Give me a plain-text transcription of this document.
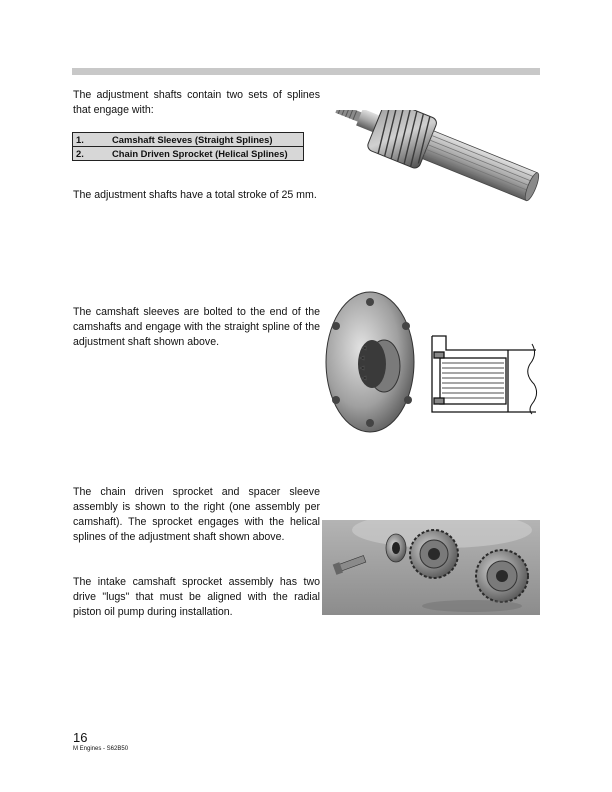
The adjustment shafts contain two sets of splines that engage with:

1.	Camshaft Sleeves (Straight Splines)
2.	Chain Driven Sprocket (Helical Splines)

The adjustment shafts have a total stroke of 25 mm.

The camshaft sleeves are bolted to the end of the camshafts and engage with the straight spline of the adjustment shaft shown above.

The chain driven sprocket and spacer sleeve assembly is shown to the right (one assembly per camshaft). The sprocket engages with the helical splines of the adjustment shaft shown above.

The intake camshaft sprocket assembly has two drive "lugs" that must be aligned with the radial piston oil pump during installation.

16
M Engines - S62B50
